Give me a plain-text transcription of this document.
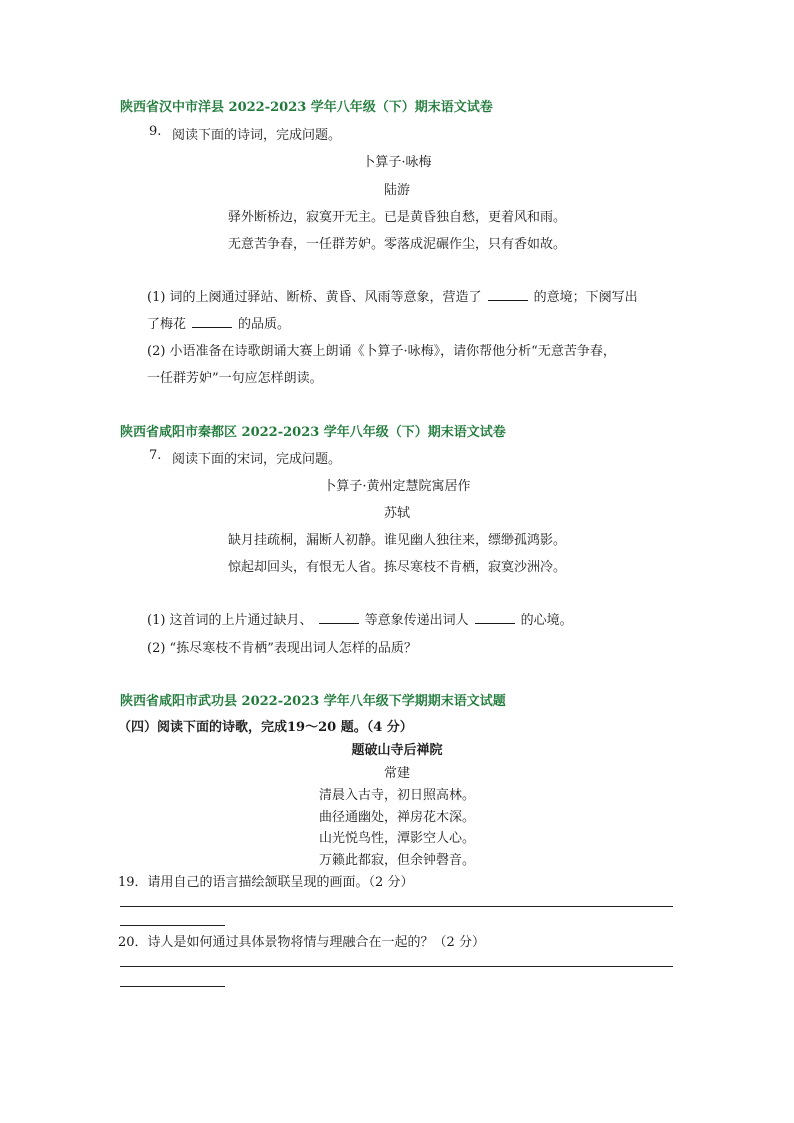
陕西省汉中市洋县 2022-2023 学年八年级（下）期末语文试卷
9. 阅读下面的诗词，完成问题。
卜算子·咏梅
陆游
驿外断桥边，寂寞开无主。已是黄昏独自愁，更着风和雨。
无意苦争春，一任群芳妒。零落成泥碾作尘，只有香如故。
(1) 词的上阕通过驿站、断桥、黄昏、风雨等意象，营造了	的意境；下阕写出
了梅花	的品质。
(2) 小语准备在诗歌朗诵大赛上朗诵《卜算子·咏梅》，请你帮他分析“无意苦争春，
一任群芳妒”一句应怎样朗读。
陕西省咸阳市秦都区 2022-2023 学年八年级（下）期末语文试卷
7. 阅读下面的宋词，完成问题。
卜算子·黄州定慧院寓居作
苏轼
缺月挂疏桐，漏断人初静。谁见幽人独往来，缥缈孤鸿影。
惊起却回头，有恨无人省。拣尽寒枝不肯栖，寂寞沙洲冷。
(1) 这首词的上片通过缺月、	等意象传递出词人	的心境。
(2) “拣尽寒枝不肯栖”表现出词人怎样的品质？
陕西省咸阳市武功县 2022-2023 学年八年级下学期期末语文试题
（四）阅读下面的诗歌，完成19～20 题。（4 分）
题破山寺后禅院
常建
清晨入古寺，初日照高林。
曲径通幽处，禅房花木深。
山光悦鸟性，潭影空人心。
万籁此都寂，但余钟磬音。
19．请用自己的语言描绘颔联呈现的画面。（2 分）
20．诗人是如何通过具体景物将情与理融合在一起的？（2 分）
